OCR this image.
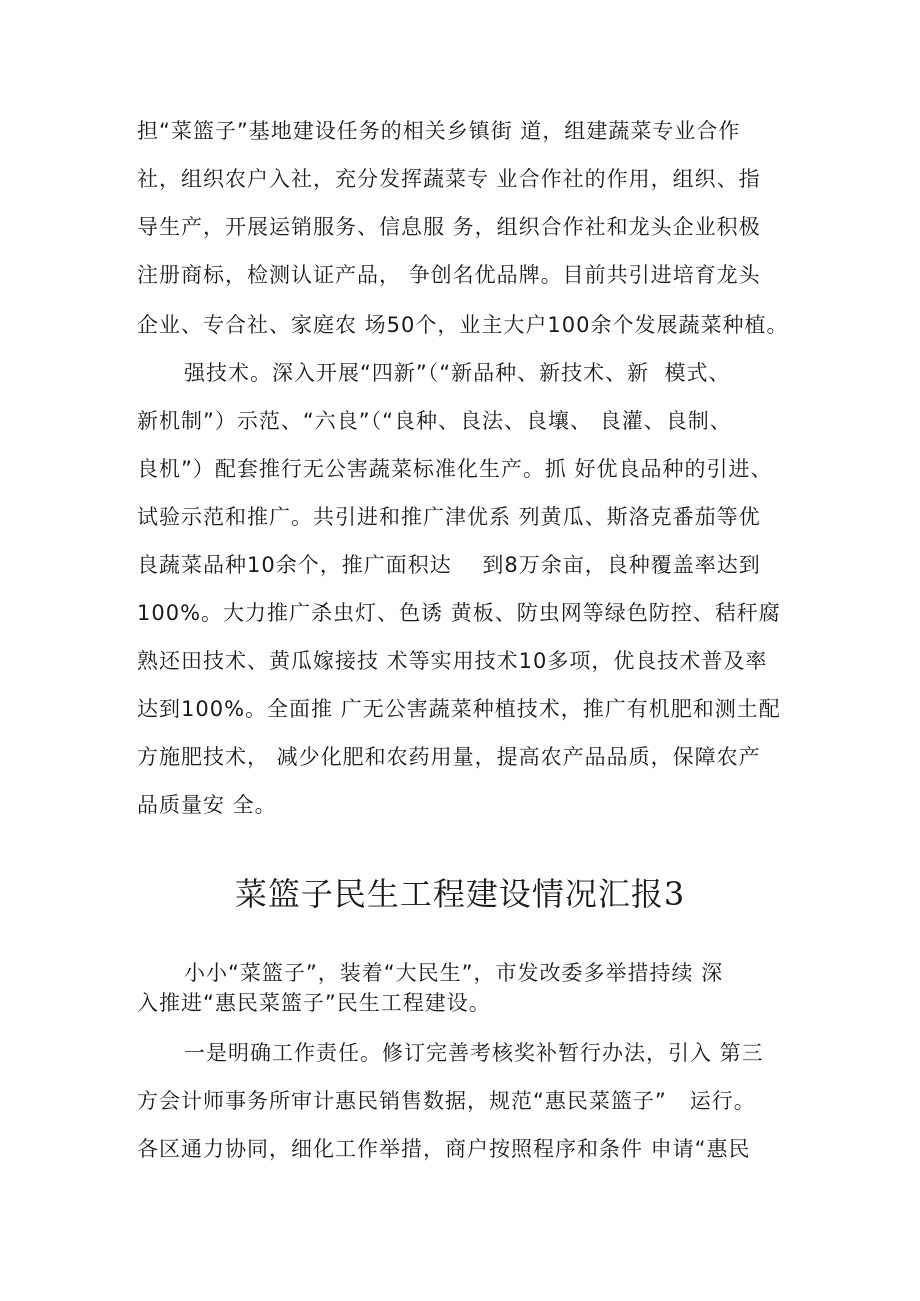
担“菜篮子”基地建设任务的相关乡镇街 道，组建蔬菜专业合作
社，组织农户入社，充分发挥蔬菜专 业合作社的作用，组织、指
导生产，开展运销服务、信息服 务，组织合作社和龙头企业积极
注册商标，检测认证产品， 争创名优品牌。目前共引进培育龙头
企业、专合社、家庭农 场50个，业主大户100余个发展蔬菜种植。
强技术。深入开展“四新”（“新品种、新技术、新  模式、
新机制”）示范、“六良”（“良种、良法、良壤、 良灌、良制、
良机”）配套推行无公害蔬菜标准化生产。抓 好优良品种的引进、
试验示范和推广。共引进和推广津优系 列黄瓜、斯洛克番茄等优
良蔬菜品种10余个，推广面积达    到8万余亩，良种覆盖率达到
100%。大力推广杀虫灯、色诱 黄板、防虫网等绿色防控、秸秆腐
熟还田技术、黄瓜嫁接技 术等实用技术10多项，优良技术普及率
达到100%。全面推 广无公害蔬菜种植技术，推广有机肥和测土配
方施肥技术， 减少化肥和农药用量，提高农产品品质，保障农产
品质量安 全。
菜篮子民生工程建设情况汇报3
小小“菜篮子”，装着“大民生”，市发改委多举措持续 深
入推进“惠民菜篮子”民生工程建设。
一是明确工作责任。修订完善考核奖补暂行办法，引入 第三
方会计师事务所审计惠民销售数据，规范“惠民菜篮子”   运行。
各区通力协同，细化工作举措，商户按照程序和条件 申请“惠民
